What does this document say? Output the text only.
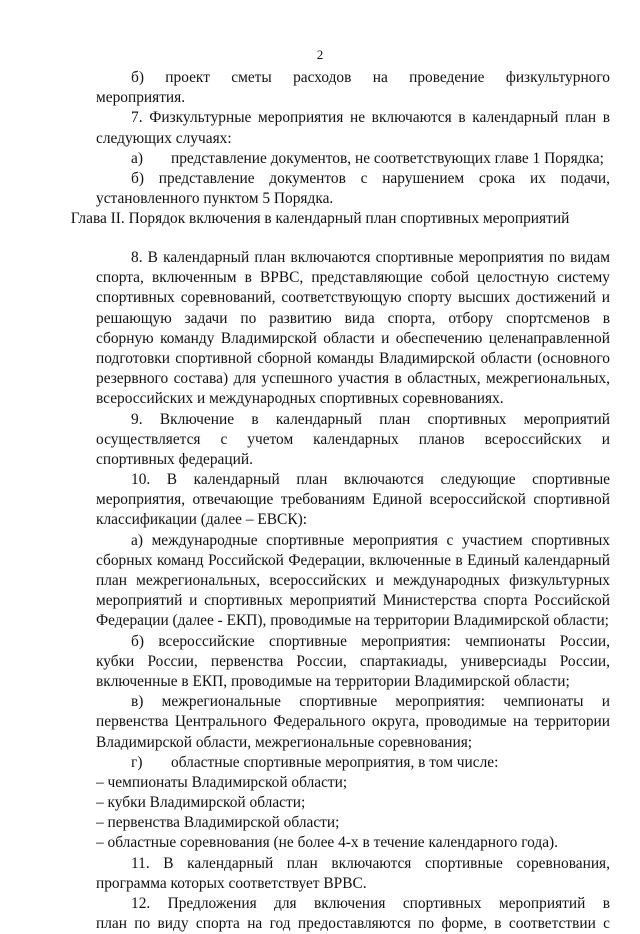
2
б) проект сметы расходов на проведение физкультурного
мероприятия.
7. Физкультурные мероприятия не включаются в календарный план в
следующих случаях:
а) представление документов, не соответствующих главе 1 Порядка;
б) представление документов с нарушением срока их подачи,
установленного пунктом 5 Порядка.
Глава II. Порядок включения в календарный план спортивных мероприятий
8. В календарный план включаются спортивные мероприятия по видам
спорта, включенным в ВРВС, представляющие собой целостную систему
спортивных соревнований, соответствующую спорту высших достижений и
решающую задачи по развитию вида спорта, отбору спортсменов в
сборную команду Владимирской области и обеспечению целенаправленной
подготовки спортивной сборной команды Владимирской области (основного
резервного состава) для успешного участия в областных, межрегиональных,
всероссийских и международных спортивных соревнованиях.
9. Включение в календарный план спортивных мероприятий
осуществляется с учетом календарных планов всероссийских и
спортивных федераций.
10. В календарный план включаются следующие спортивные
мероприятия, отвечающие требованиям Единой всероссийской спортивной
классификации (далее – ЕВСК):
а) международные спортивные мероприятия с участием спортивных
сборных команд Российской Федерации, включенные в Единый календарный
план межрегиональных, всероссийских и международных физкультурных
мероприятий и спортивных мероприятий Министерства спорта Российской
Федерации (далее - ЕКП), проводимые на территории Владимирской области;
б) всероссийские спортивные мероприятия: чемпионаты России,
кубки России, первенства России, спартакиады, универсиады России,
включенные в ЕКП, проводимые на территории Владимирской области;
в) межрегиональные спортивные мероприятия: чемпионаты и
первенства Центрального Федерального округа, проводимые на территории
Владимирской области, межрегиональные соревнования;
г) областные спортивные мероприятия, в том числе:
– чемпионаты Владимирской области;
– кубки Владимирской области;
– первенства Владимирской области;
– областные соревнования (не более 4-х в течение календарного года).
11. В календарный план включаются спортивные соревнования,
программа которых соответствует ВРВС.
12. Предложения для включения спортивных мероприятий в
план по виду спорта на год предоставляются по форме, в соответствии с
